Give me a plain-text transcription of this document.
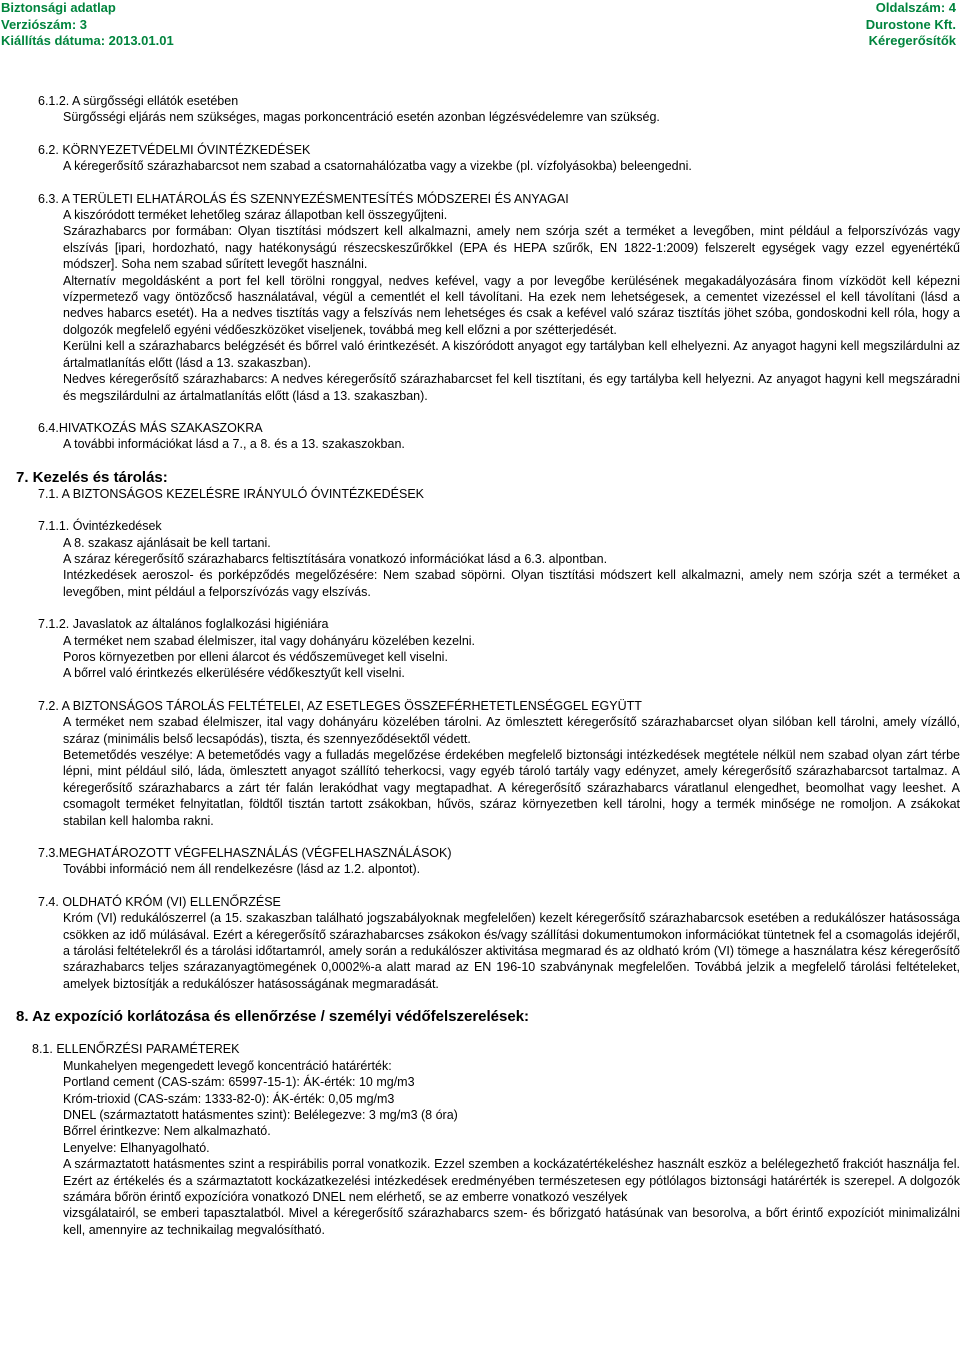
Biztonsági adatlap
Verziószám: 3
Kiállítás dátuma: 2013.01.01
Oldalszám: 4
Durostone Kft.
Kéregerősítők
6.1.2. A sürgősségi ellátók esetében
Sürgősségi eljárás nem szükséges, magas porkoncentráció esetén azonban légzésvédelemre van szükség.
6.2. KÖRNYEZETVÉDELMI ÓVINTÉZKEDÉSEK
A kéregerősítő szárazhabarcsot nem szabad a csatornahálózatba vagy a vizekbe (pl. vízfolyásokba) beleengedni.
6.3. A TERÜLETI ELHATÁROLÁS ÉS SZENNYEZÉSMENTESÍTÉS MÓDSZEREI ÉS ANYAGAI
A kiszóródott terméket lehetőleg száraz állapotban kell összegyűjteni.
Szárazhabarcs por formában: Olyan tisztítási módszert kell alkalmazni, amely nem szórja szét a terméket a levegőben, mint például a felporszívózás vagy elszívás [ipari, hordozható, nagy hatékonyságú részecskeszűrőkkel (EPA és HEPA szűrők, EN 1822-1:2009) felszerelt egységek vagy ezzel egyenértékű módszer]. Soha nem szabad sűrített levegőt használni.
Alternatív megoldásként a port fel kell törölni ronggyal, nedves kefével, vagy a por levegőbe kerülésének megakadályozására finom vízködöt kell képezni vízpermetező vagy öntözőcső használatával, végül a cementlét el kell távolítani. Ha ezek nem lehetségesek, a cementet vizezéssel el kell távolítani (lásd a nedves habarcs esetét). Ha a nedves tisztítás vagy a felszívás nem lehetséges és csak a kefével való száraz tisztítás jöhet szóba, gondoskodni kell róla, hogy a dolgozók megfelelő egyéni védőeszközöket viseljenek, továbbá meg kell előzni a por szétterjedését.
Kerülni kell a szárazhabarcs belégzését és bőrrel való érintkezését. A kiszóródott anyagot egy tartályban kell elhelyezni. Az anyagot hagyni kell megszilárdulni az ártalmatlanítás előtt (lásd a 13. szakaszban).
Nedves kéregerősítő szárazhabarcs: A nedves kéregerősítő szárazhabarcset fel kell tisztítani, és egy tartályba kell helyezni. Az anyagot hagyni kell megszáradni és megszilárdulni az ártalmatlanítás előtt (lásd a 13. szakaszban).
6.4.HIVATKOZÁS MÁS SZAKASZOKRA
A további információkat lásd a 7., a 8. és a 13. szakaszokban.
7. Kezelés és tárolás:
7.1. A BIZTONSÁGOS KEZELÉSRE IRÁNYULÓ ÓVINTÉZKEDÉSEK
7.1.1. Óvintézkedések
A 8. szakasz ajánlásait be kell tartani.
A száraz kéregerősítő szárazhabarcs feltisztítására vonatkozó információkat lásd a 6.3. alpontban.
Intézkedések aeroszol- és porképződés megelőzésére: Nem szabad söpörni. Olyan tisztítási módszert kell alkalmazni, amely nem szórja szét a terméket a levegőben, mint például a felporszívózás vagy elszívás.
7.1.2. Javaslatok az általános foglalkozási higiéniára
A terméket nem szabad élelmiszer, ital vagy dohányáru közelében kezelni.
Poros környezetben por elleni álarcot és védőszemüveget kell viselni.
A bőrrel való érintkezés elkerülésére védőkesztyűt kell viselni.
7.2. A BIZTONSÁGOS TÁROLÁS FELTÉTELEI, AZ ESETLEGES ÖSSZEFÉRHETETLENSÉGGEL EGYÜTT
A terméket nem szabad élelmiszer, ital vagy dohányáru közelében tárolni. Az ömlesztett kéregerősítő szárazhabarcset olyan silóban kell tárolni, amely vízálló, száraz (minimális belső lecsapódás), tiszta, és szennyeződésektől védett.
Betemetődés veszélye: A betemetődés vagy a fulladás megelőzése érdekében megfelelő biztonsági intézkedések megtétele nélkül nem szabad olyan zárt térbe lépni, mint például siló, láda, ömlesztett anyagot szállító teherkocsi, vagy egyéb tároló tartály vagy edényzet, amely kéregerősítő szárazhabarcsot tartalmaz. A kéregerősítő szárazhabarcs a zárt tér falán lerakódhat vagy megtapadhat. A kéregerősítő szárazhabarcs váratlanul elengedhet, beomolhat vagy leeshet. A csomagolt terméket felnyitatlan, földtől tisztán tartott zsákokban, hűvös, száraz környezetben kell tárolni, hogy a termék minősége ne romoljon. A zsákokat stabilan kell halomba rakni.
7.3.MEGHATÁROZOTT VÉGFELHASZNÁLÁS (VÉGFELHASZNÁLÁSOK)
További információ nem áll rendelkezésre (lásd az 1.2. alpontot).
7.4. OLDHATÓ KRÓM (VI) ELLENŐRZÉSE
Króm (VI) redukálószerrel (a 15. szakaszban található jogszabályoknak megfelelően) kezelt kéregerősítő szárazhabarcsok esetében a redukálószer hatásossága csökken az idő múlásával. Ezért a kéregerősítő szárazhabarcses zsákokon és/vagy szállítási dokumentumokon információkat tüntetnek fel a csomagolás idejéről, a tárolási feltételekről és a tárolási időtartamról, amely során a redukálószer aktivitása megmarad és az oldható króm (VI) tömege a használatra kész kéregerősítő szárazhabarcs teljes szárazanyagtömegének 0,0002%-a alatt marad az EN 196-10 szabványnak megfelelően. Továbbá jelzik a megfelelő tárolási feltételeket, amelyek biztosítják a redukálószer hatásosságának megmaradását.
8. Az expozíció korlátozása és ellenőrzése / személyi védőfelszerelések:
8.1. ELLENŐRZÉSI PARAMÉTEREK
Munkahelyen megengedett levegő koncentráció határérték:
Portland cement (CAS-szám: 65997-15-1): ÁK-érték: 10 mg/m3
Króm-trioxid (CAS-szám: 1333-82-0): ÁK-érték: 0,05 mg/m3
DNEL (származtatott hatásmentes szint): Belélegezve: 3 mg/m3 (8 óra)
Bőrrel érintkezve: Nem alkalmazható.
Lenyelve: Elhanyagolható.
A származtatott hatásmentes szint a respirábilis porral vonatkozik. Ezzel szemben a kockázatértékeléshez használt eszköz a belélegezhető frakciót használja fel. Ezért az értékelés és a származtatott kockázatkezelési intézkedések eredményében természetesen egy pótlólagos biztonsági határérték is szerepel. A dolgozók számára bőrön érintő expozícióra vonatkozó DNEL nem elérhető, se az emberre vonatkozó veszélyek
vizsgálatairól, se emberi tapasztalatból. Mivel a kéregerősítő szárazhabarcs szem- és bőrizgató hatásúnak van besorolva, a bőrt érintő expozíciót minimalizálni kell, amennyire az technikailag megvalósítható.
